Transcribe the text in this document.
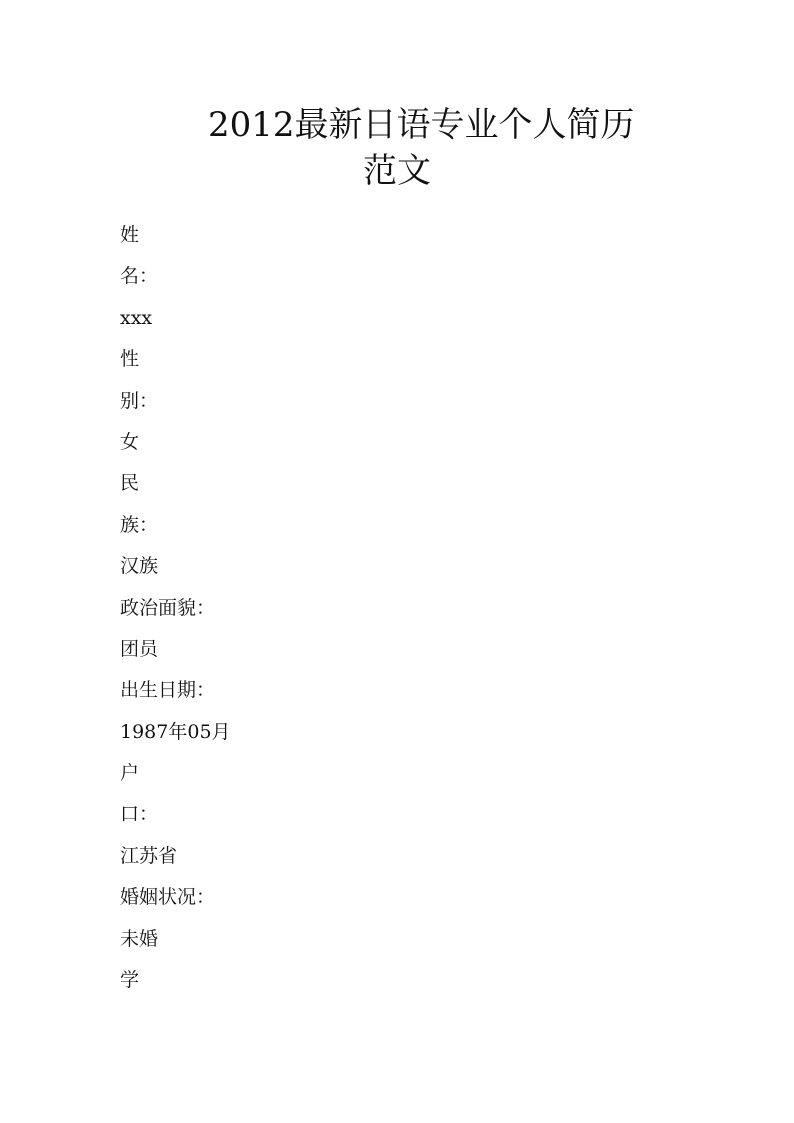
2012最新日语专业个人简历
范文
姓
名：
xxx
性
别：
女
民
族：
汉族
政治面貌：
团员
出生日期：
1987年05月
户
口：
江苏省
婚姻状况：
未婚
学
